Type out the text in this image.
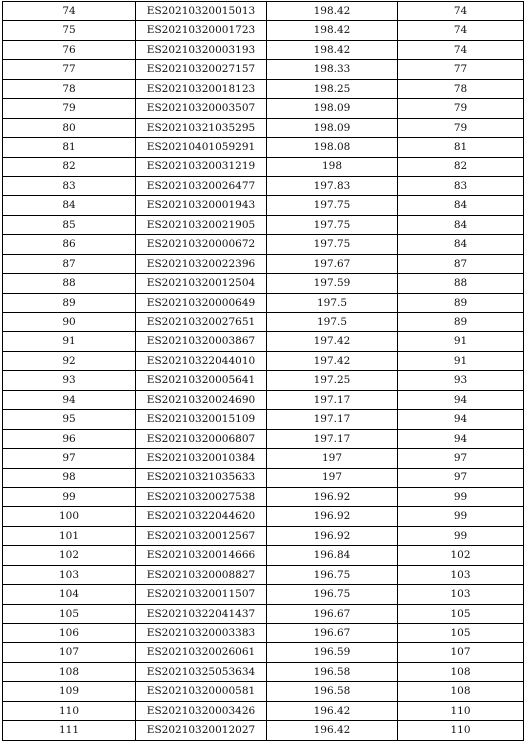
74	ES20210320015013	198.42	74
75	ES20210320001723	198.42	74
76	ES20210320003193	198.42	74
77	ES20210320027157	198.33	77
78	ES20210320018123	198.25	78
79	ES20210320003507	198.09	79
80	ES20210321035295	198.09	79
81	ES20210401059291	198.08	81
82	ES20210320031219	198	82
83	ES20210320026477	197.83	83
84	ES20210320001943	197.75	84
85	ES20210320021905	197.75	84
86	ES20210320000672	197.75	84
87	ES20210320022396	197.67	87
88	ES20210320012504	197.59	88
89	ES20210320000649	197.5	89
90	ES20210320027651	197.5	89
91	ES20210320003867	197.42	91
92	ES20210322044010	197.42	91
93	ES20210320005641	197.25	93
94	ES20210320024690	197.17	94
95	ES20210320015109	197.17	94
96	ES20210320006807	197.17	94
97	ES20210320010384	197	97
98	ES20210321035633	197	97
99	ES20210320027538	196.92	99
100	ES20210322044620	196.92	99
101	ES20210320012567	196.92	99
102	ES20210320014666	196.84	102
103	ES20210320008827	196.75	103
104	ES20210320011507	196.75	103
105	ES20210322041437	196.67	105
106	ES20210320003383	196.67	105
107	ES20210320026061	196.59	107
108	ES20210325053634	196.58	108
109	ES20210320000581	196.58	108
110	ES20210320003426	196.42	110
111	ES20210320012027	196.42	110
